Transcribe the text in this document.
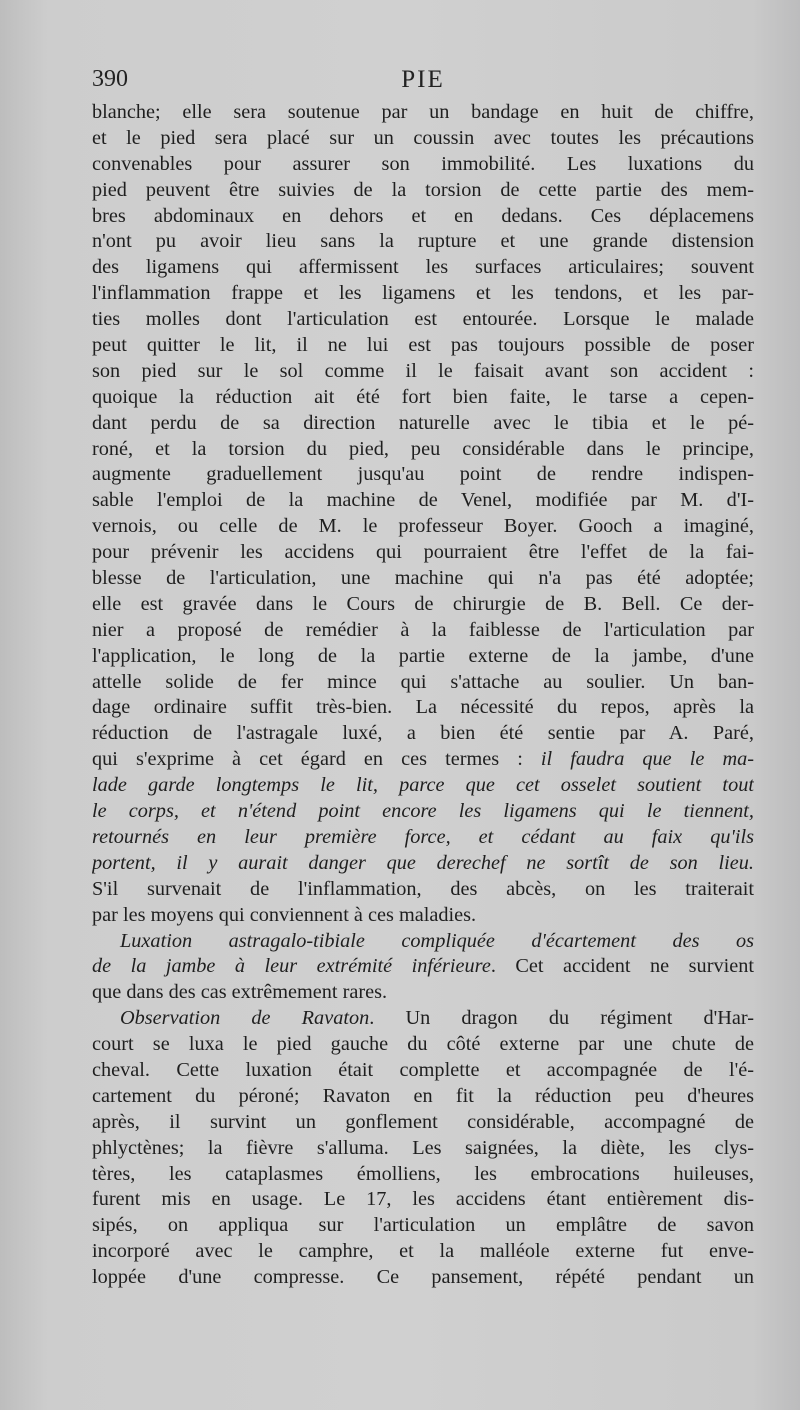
390	PIE
blanche; elle sera soutenue par un bandage en huit de chiffre,
et le pied sera placé sur un coussin avec toutes les précautions
convenables pour assurer son immobilité. Les luxations du
pied peuvent être suivies de la torsion de cette partie des mem-
bres abdominaux en dehors et en dedans. Ces déplacemens
n'ont pu avoir lieu sans la rupture et une grande distension
des ligamens qui affermissent les surfaces articulaires; souvent
l'inflammation frappe et les ligamens et les tendons, et les par-
ties molles dont l'articulation est entourée. Lorsque le malade
peut quitter le lit, il ne lui est pas toujours possible de poser
son pied sur le sol comme il le faisait avant son accident :
quoique la réduction ait été fort bien faite, le tarse a cepen-
dant perdu de sa direction naturelle avec le tibia et le pé-
roné, et la torsion du pied, peu considérable dans le principe,
augmente graduellement jusqu'au point de rendre indispen-
sable l'emploi de la machine de Venel, modifiée par M. d'I-
vernois, ou celle de M. le professeur Boyer. Gooch a imaginé,
pour prévenir les accidens qui pourraient être l'effet de la fai-
blesse de l'articulation, une machine qui n'a pas été adoptée;
elle est gravée dans le Cours de chirurgie de B. Bell. Ce der-
nier a proposé de remédier à la faiblesse de l'articulation par
l'application, le long de la partie externe de la jambe, d'une
attelle solide de fer mince qui s'attache au soulier. Un ban-
dage ordinaire suffit très-bien. La nécessité du repos, après la
réduction de l'astragale luxé, a bien été sentie par A. Paré,
qui s'exprime à cet égard en ces termes : il faudra que le ma-
lade garde longtemps le lit, parce que cet osselet soutient tout
le corps, et n'étend point encore les ligamens qui le tiennent,
retournés en leur première force, et cédant au faix qu'ils
portent, il y aurait danger que derechef ne sortît de son lieu.
S'il survenait de l'inflammation, des abcès, on les traiterait
par les moyens qui conviennent à ces maladies.
Luxation astragalo-tibiale compliquée d'écartement des os
de la jambe à leur extrémité inférieure. Cet accident ne survient
que dans des cas extrêmement rares.
Observation de Ravaton. Un dragon du régiment d'Har-
court se luxa le pied gauche du côté externe par une chute de
cheval. Cette luxation était complette et accompagnée de l'é-
cartement du péroné; Ravaton en fit la réduction peu d'heures
après, il survint un gonflement considérable, accompagné de
phlyctènes; la fièvre s'alluma. Les saignées, la diète, les clys-
tères, les cataplasmes émolliens, les embrocations huileuses,
furent mis en usage. Le 17, les accidens étant entièrement dis-
sipés, on appliqua sur l'articulation un emplâtre de savon
incorporé avec le camphre, et la malléole externe fut enve-
loppée d'une compresse. Ce pansement, répété pendant un
